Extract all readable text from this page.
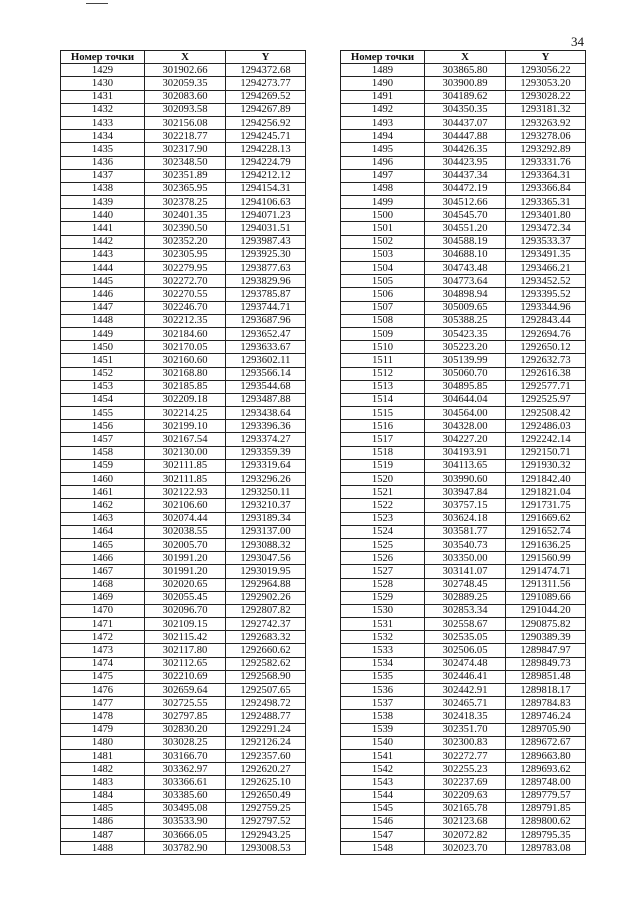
34
Номер точки	X	Y
1429	301902.66	1294372.68
1430	302059.35	1294273.77
1431	302083.60	1294269.52
1432	302093.58	1294267.89
1433	302156.08	1294256.92
1434	302218.77	1294245.71
1435	302317.90	1294228.13
1436	302348.50	1294224.79
1437	302351.89	1294212.12
1438	302365.95	1294154.31
1439	302378.25	1294106.63
1440	302401.35	1294071.23
1441	302390.50	1294031.51
1442	302352.20	1293987.43
1443	302305.95	1293925.30
1444	302279.95	1293877.63
1445	302272.70	1293829.96
1446	302270.55	1293785.87
1447	302246.70	1293744.71
1448	302212.35	1293687.96
1449	302184.60	1293652.47
1450	302170.05	1293633.67
1451	302160.60	1293602.11
1452	302168.80	1293566.14
1453	302185.85	1293544.68
1454	302209.18	1293487.88
1455	302214.25	1293438.64
1456	302199.10	1293396.36
1457	302167.54	1293374.27
1458	302130.00	1293359.39
1459	302111.85	1293319.64
1460	302111.85	1293296.26
1461	302122.93	1293250.11
1462	302106.60	1293210.37
1463	302074.44	1293189.34
1464	302038.55	1293137.00
1465	302005.70	1293088.32
1466	301991.20	1293047.56
1467	301991.20	1293019.95
1468	302020.65	1292964.88
1469	302055.45	1292902.26
1470	302096.70	1292807.82
1471	302109.15	1292742.37
1472	302115.42	1292683.32
1473	302117.80	1292660.62
1474	302112.65	1292582.62
1475	302210.69	1292568.90
1476	302659.64	1292507.65
1477	302725.55	1292498.72
1478	302797.85	1292488.77
1479	302830.20	1292291.24
1480	303028.25	1292126.24
1481	303166.70	1292357.60
1482	303362.97	1292620.27
1483	303366.61	1292625.10
1484	303385.60	1292650.49
1485	303495.08	1292759.25
1486	303533.90	1292797.52
1487	303666.05	1292943.25
1488	303782.90	1293008.53
Номер точки	X	Y
1489	303865.80	1293056.22
1490	303900.89	1293053.20
1491	304189.62	1293028.22
1492	304350.35	1293181.32
1493	304437.07	1293263.92
1494	304447.88	1293278.06
1495	304426.35	1293292.89
1496	304423.95	1293331.76
1497	304437.34	1293364.31
1498	304472.19	1293366.84
1499	304512.66	1293365.31
1500	304545.70	1293401.80
1501	304551.20	1293472.34
1502	304588.19	1293533.37
1503	304688.10	1293491.35
1504	304743.48	1293466.21
1505	304773.64	1293452.52
1506	304898.94	1293395.52
1507	305009.65	1293344.96
1508	305388.25	1292843.44
1509	305423.35	1292694.76
1510	305223.20	1292650.12
1511	305139.99	1292632.73
1512	305060.70	1292616.38
1513	304895.85	1292577.71
1514	304644.04	1292525.97
1515	304564.00	1292508.42
1516	304328.00	1292486.03
1517	304227.20	1292242.14
1518	304193.91	1292150.71
1519	304113.65	1291930.32
1520	303990.60	1291842.40
1521	303947.84	1291821.04
1522	303757.15	1291731.75
1523	303624.18	1291669.62
1524	303581.77	1291652.74
1525	303540.73	1291636.25
1526	303350.00	1291560.99
1527	303141.07	1291474.71
1528	302748.45	1291311.56
1529	302889.25	1291089.66
1530	302853.34	1291044.20
1531	302558.67	1290875.82
1532	302535.05	1290389.39
1533	302506.05	1289847.97
1534	302474.48	1289849.73
1535	302446.41	1289851.48
1536	302442.91	1289818.17
1537	302465.71	1289784.83
1538	302418.35	1289746.24
1539	302351.70	1289705.90
1540	302300.83	1289672.67
1541	302272.77	1289663.80
1542	302255.23	1289693.62
1543	302237.69	1289748.00
1544	302209.63	1289779.57
1545	302165.78	1289791.85
1546	302123.68	1289800.62
1547	302072.82	1289795.35
1548	302023.70	1289783.08
